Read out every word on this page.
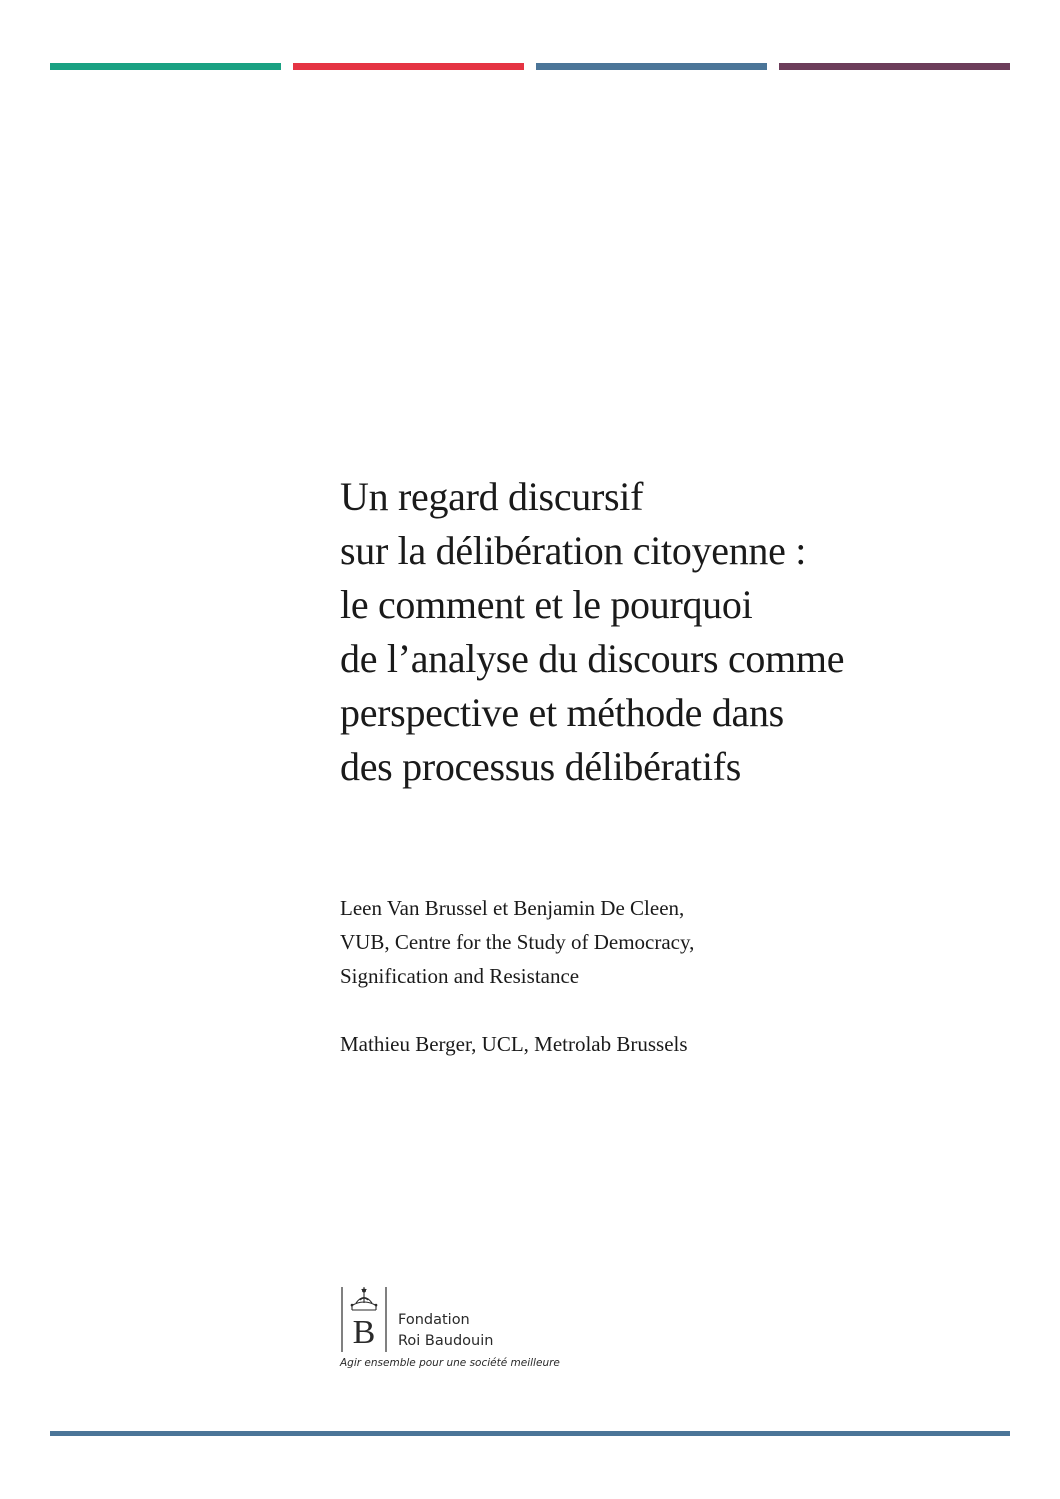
Un regard discursif
sur la délibération citoyenne :
le comment et le pourquoi
de l’analyse du discours comme
perspective et méthode dans
des processus délibératifs
Leen Van Brussel et Benjamin De Cleen,
VUB, Centre for the Study of Democracy,
Signification and Resistance
Mathieu Berger, UCL, Metrolab Brussels
B Fondation
Roi Baudouin
Agir ensemble pour une société meilleure
